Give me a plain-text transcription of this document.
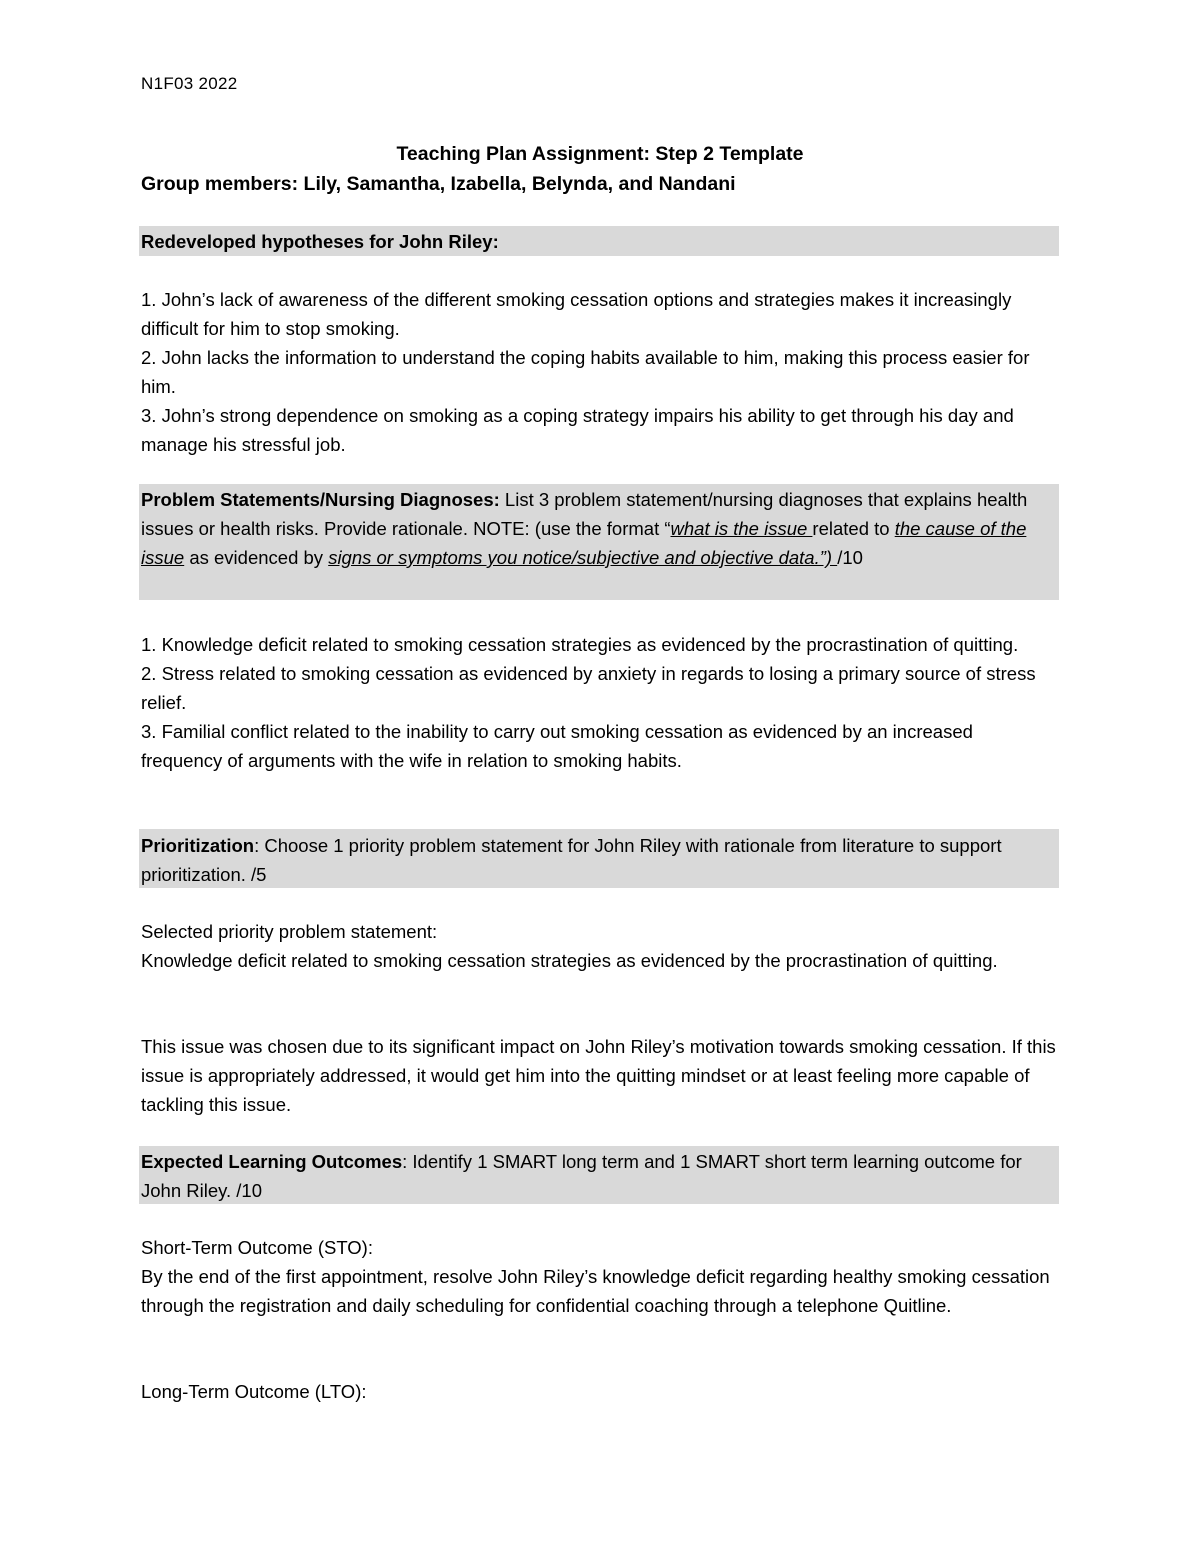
N1F03 2022
Teaching Plan Assignment: Step 2 Template
Group members: Lily, Samantha, Izabella, Belynda, and Nandani
Redeveloped hypotheses for John Riley:

1. John’s lack of awareness of the different smoking cessation options and strategies makes it increasingly difficult for him to stop smoking.

2. John lacks the information to understand the coping habits available to him, making this process easier for him.

3. John’s strong dependence on smoking as a coping strategy impairs his ability to get through his day and manage his stressful job.

Problem Statements/Nursing Diagnoses: List 3 problem statement/nursing diagnoses that explains health issues or health risks. Provide rationale. NOTE: (use the format “what is the issue related to the cause of the issue as evidenced by signs or symptoms you notice/subjective and objective data.”) /10

1. Knowledge deficit related to smoking cessation strategies as evidenced by the procrastination of quitting.

2. Stress related to smoking cessation as evidenced by anxiety in regards to losing a primary source of stress relief.

3. Familial conflict related to the inability to carry out smoking cessation as evidenced by an increased frequency of arguments with the wife in relation to smoking habits.

Prioritization: Choose 1 priority problem statement for John Riley with rationale from literature to support prioritization. /5

Selected priority problem statement:

Knowledge deficit related to smoking cessation strategies as evidenced by the procrastination of quitting.

This issue was chosen due to its significant impact on John Riley’s motivation towards smoking cessation. If this issue is appropriately addressed, it would get him into the quitting mindset or at least feeling more capable of tackling this issue.

Expected Learning Outcomes: Identify 1 SMART long term and 1 SMART short term learning outcome for John Riley. /10

Short-Term Outcome (STO):

By the end of the first appointment, resolve John Riley’s knowledge deficit regarding healthy smoking cessation through the registration and daily scheduling for confidential coaching through a telephone Quitline.

Long-Term Outcome (LTO):
